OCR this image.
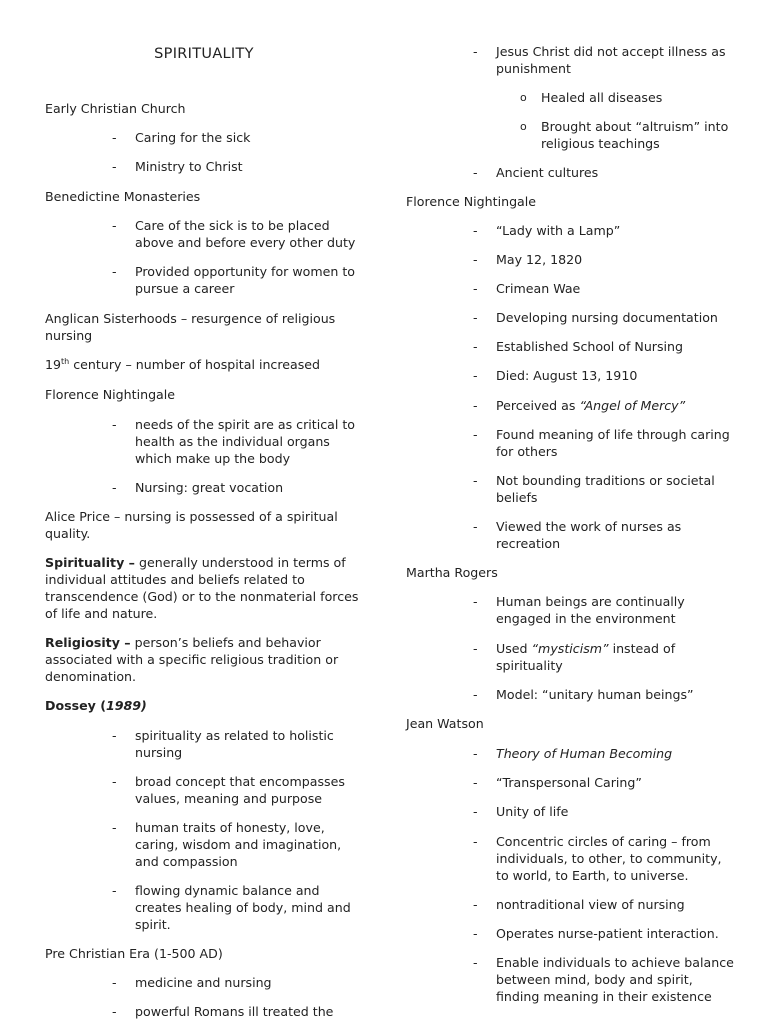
SPIRITUALITY

Early Christian Church

- Caring for the sick
- Ministry to Christ

Benedictine Monasteries

- Care of the sick is to be placed above and before every other duty
- Provided opportunity for women to pursue a career

Anglican Sisterhoods – resurgence of religious nursing

19th century – number of hospital increased

Florence Nightingale

- needs of the spirit are as critical to health as the individual organs which make up the body
- Nursing: great vocation

Alice Price – nursing is possessed of a spiritual quality.

Spirituality – generally understood in terms of individual attitudes and beliefs related to transcendence (God) or to the nonmaterial forces of life and nature.

Religiosity – person’s beliefs and behavior associated with a specific religious tradition or denomination.

Dossey (1989)

- spirituality as related to holistic nursing
- broad concept that encompasses values, meaning and purpose
- human traits of honesty, love, caring, wisdom and imagination, and compassion
- flowing dynamic balance and creates healing of body, mind and spirit.

Pre Christian Era (1-500 AD)

- medicine and nursing
- powerful Romans ill treated the
- Jesus Christ did not accept illness as punishment
o Healed all diseases
o Brought about “altruism” into religious teachings
- Ancient cultures

Florence Nightingale

- “Lady with a Lamp”
- May 12, 1820
- Crimean Wae
- Developing nursing documentation
- Established School of Nursing
- Died: August 13, 1910
- Perceived as “Angel of Mercy”
- Found meaning of life through caring for others
- Not bounding traditions or societal beliefs
- Viewed the work of nurses as recreation

Martha Rogers

- Human beings are continually engaged in the environment
- Used “mysticism” instead of spirituality
- Model: “unitary human beings”

Jean Watson

- Theory of Human Becoming
- “Transpersonal Caring”
- Unity of life
- Concentric circles of caring – from individuals, to other, to community, to world, to Earth, to universe.
- nontraditional view of nursing
- Operates nurse-patient interaction.
- Enable individuals to achieve balance between mind, body and spirit, finding meaning in their existence
